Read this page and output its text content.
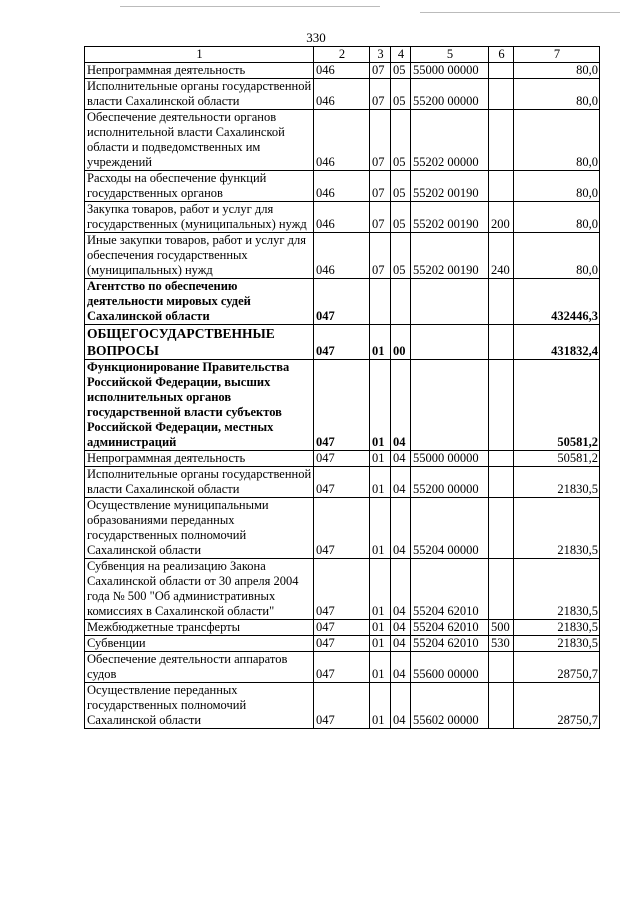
330
1	2	3	4	5	6	7
Непрограммная деятельность	046	07	05	55000 00000		80,0
Исполнительные органы государственной власти Сахалинской области	046	07	05	55200 00000		80,0
Обеспечение деятельности органов исполнительной власти Сахалинской области и подведомственных им учреждений	046	07	05	55202 00000		80,0
Расходы на обеспечение функций государственных органов	046	07	05	55202 00190		80,0
Закупка товаров, работ и услуг для государственных (муниципальных) нужд	046	07	05	55202 00190	200	80,0
Иные закупки товаров, работ и услуг для обеспечения государственных (муниципальных) нужд	046	07	05	55202 00190	240	80,0
Агентство по обеспечению деятельности мировых судей Сахалинской области	047					432446,3
ОБЩЕГОСУДАРСТВЕННЫЕ ВОПРОСЫ	047	01	00			431832,4
Функционирование Правительства Российской Федерации, высших исполнительных органов государственной власти субъектов Российской Федерации, местных администраций	047	01	04			50581,2
Непрограммная деятельность	047	01	04	55000 00000		50581,2
Исполнительные органы государственной власти Сахалинской области	047	01	04	55200 00000		21830,5
Осуществление муниципальными образованиями переданных государственных полномочий Сахалинской области	047	01	04	55204 00000		21830,5
Субвенция на реализацию Закона Сахалинской области от 30 апреля 2004 года № 500 "Об административных комиссиях в Сахалинской области"	047	01	04	55204 62010		21830,5
Межбюджетные трансферты	047	01	04	55204 62010	500	21830,5
Субвенции	047	01	04	55204 62010	530	21830,5
Обеспечение деятельности аппаратов судов	047	01	04	55600 00000		28750,7
Осуществление переданных государственных полномочий Сахалинской области	047	01	04	55602 00000		28750,7
